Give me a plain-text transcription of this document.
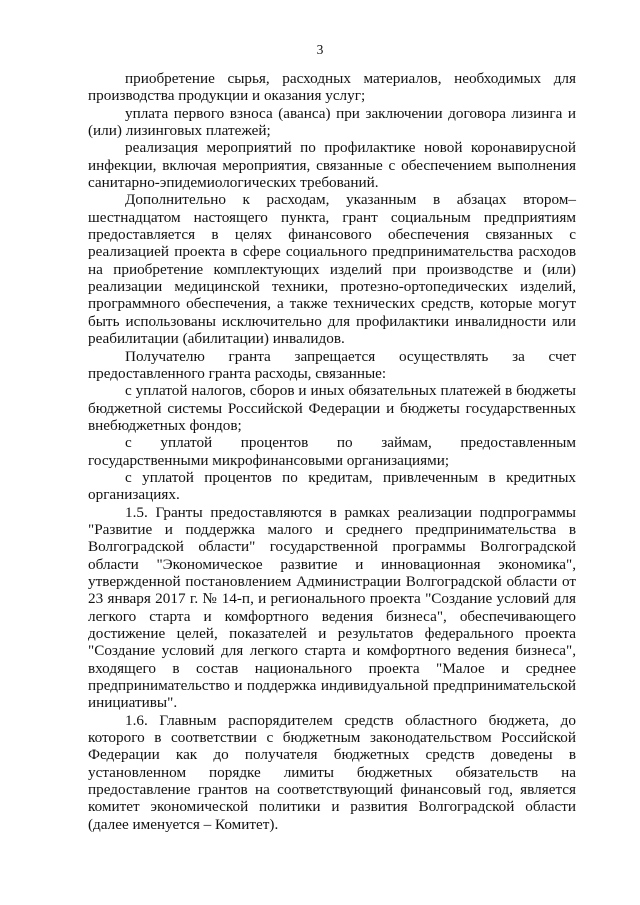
3

приобретение сырья, расходных материалов, необходимых для производства продукции и оказания услуг;

уплата первого взноса (аванса) при заключении договора лизинга и (или) лизинговых платежей;

реализация мероприятий по профилактике новой коронавирусной инфекции, включая мероприятия, связанные с обеспечением выполнения санитарно-эпидемиологических требований.

Дополнительно к расходам, указанным в абзацах втором–шестнадцатом настоящего пункта, грант социальным предприятиям предоставляется в целях финансового обеспечения связанных с реализацией проекта в сфере социального предпринимательства расходов на приобретение комплектующих изделий при производстве и (или) реализации медицинской техники, протезно-ортопедических изделий, программного обеспечения, а также технических средств, которые могут быть использованы исключительно для профилактики инвалидности или реабилитации (абилитации) инвалидов.

Получателю гранта запрещается осуществлять за счет предоставленного гранта расходы, связанные:

с уплатой налогов, сборов и иных обязательных платежей в бюджеты бюджетной системы Российской Федерации и бюджеты государственных внебюджетных фондов;

с уплатой процентов по займам, предоставленным государственными микрофинансовыми организациями;

с уплатой процентов по кредитам, привлеченным в кредитных организациях.

1.5. Гранты предоставляются в рамках реализации подпрограммы "Развитие и поддержка малого и среднего предпринимательства в Волгоградской области" государственной программы Волгоградской области "Экономическое развитие и инновационная экономика", утвержденной постановлением Администрации Волгоградской области от 23 января 2017 г. № 14-п, и регионального проекта "Создание условий для легкого старта и комфортного ведения бизнеса", обеспечивающего достижение целей, показателей и результатов федерального проекта "Создание условий для легкого старта и комфортного ведения бизнеса", входящего в состав национального проекта "Малое и среднее предпринимательство и поддержка индивидуальной предпринимательской инициативы".

1.6. Главным распорядителем средств областного бюджета, до которого в соответствии с бюджетным законодательством Российской Федерации как до получателя бюджетных средств доведены в установленном порядке лимиты бюджетных обязательств на предоставление грантов на соответствующий финансовый год, является комитет экономической политики и развития Волгоградской области (далее именуется – Комитет).
